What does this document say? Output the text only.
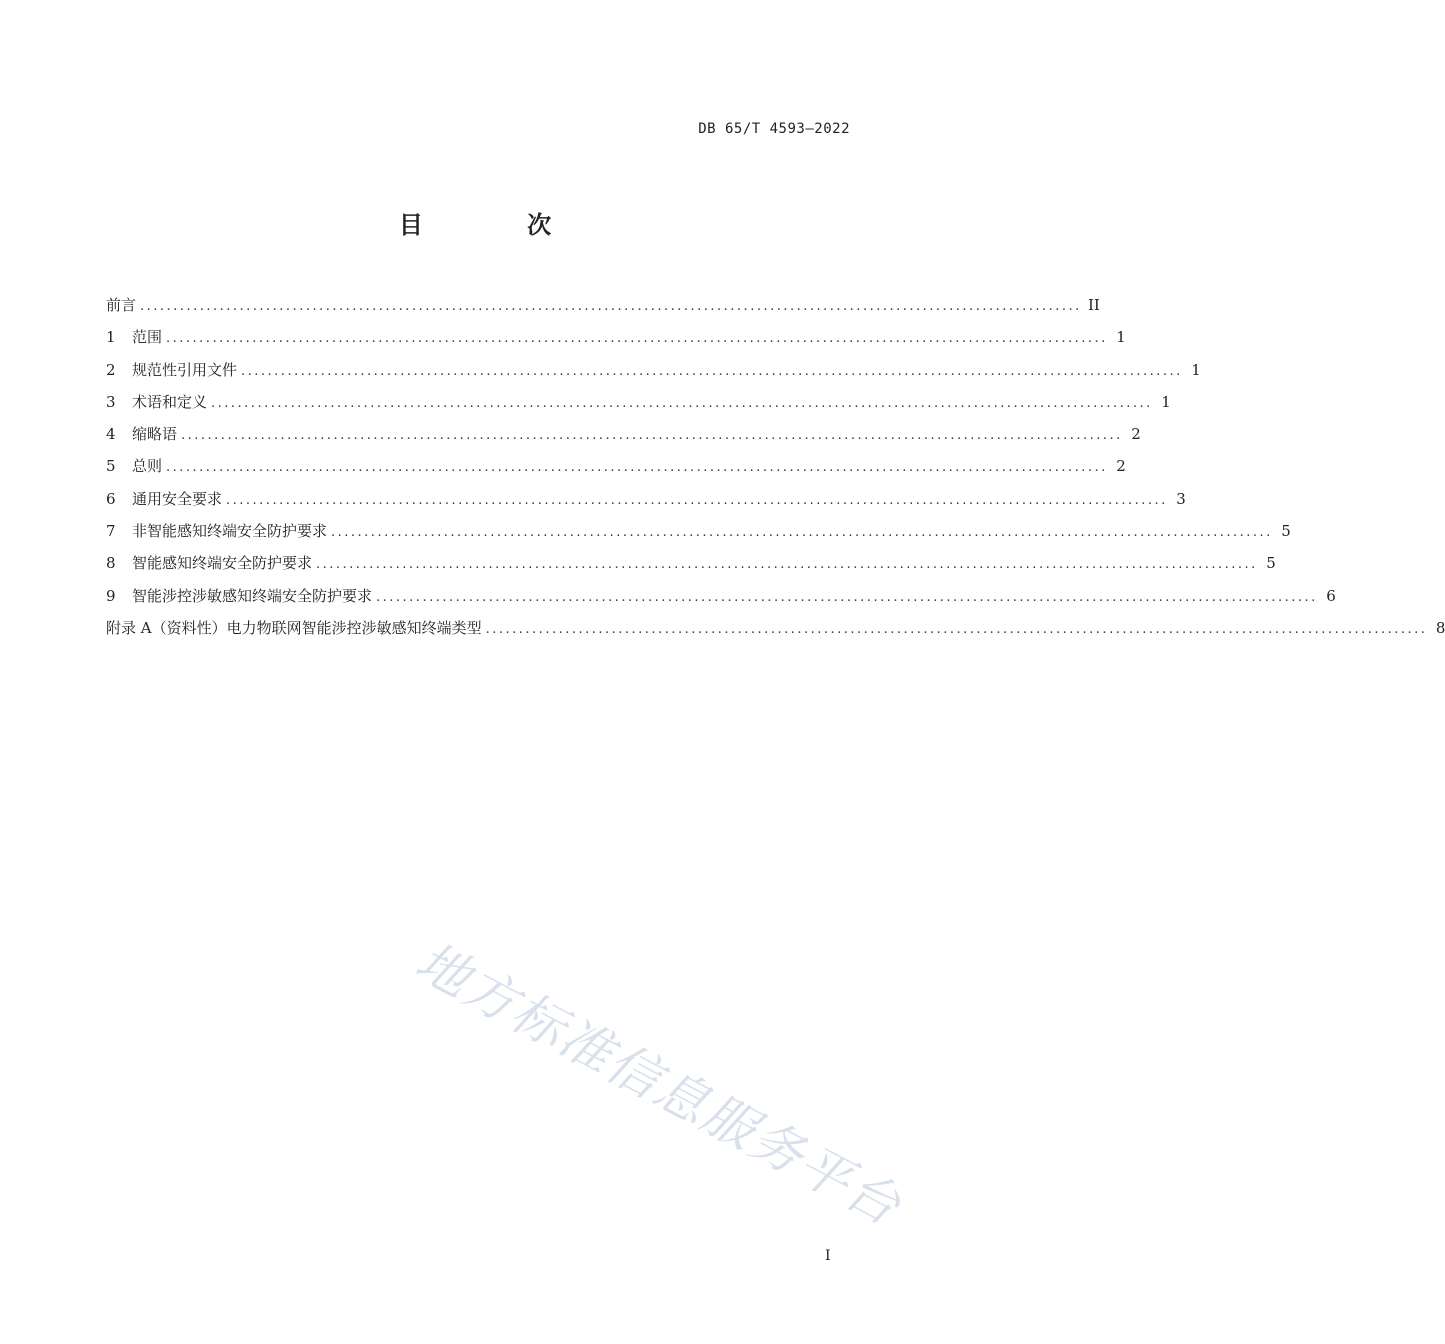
DB 65/T 4593—2022
目 次
前言 .............................................................................................................................................. II
1	范围 .............................................................................................................................................. 1
2	规范性引用文件 .............................................................................................................................................. 1
3	术语和定义 .............................................................................................................................................. 1
4	缩略语 .............................................................................................................................................. 2
5	总则 .............................................................................................................................................. 2
6	通用安全要求 .............................................................................................................................................. 3
7	非智能感知终端安全防护要求 .............................................................................................................................................. 5
8	智能感知终端安全防护要求 .............................................................................................................................................. 5
9	智能涉控涉敏感知终端安全防护要求 .............................................................................................................................................. 6
附录 A（资料性） 电力物联网智能涉控涉敏感知终端类型 .............................................................................................................................................. 8
地方标准信息服务平台
I
